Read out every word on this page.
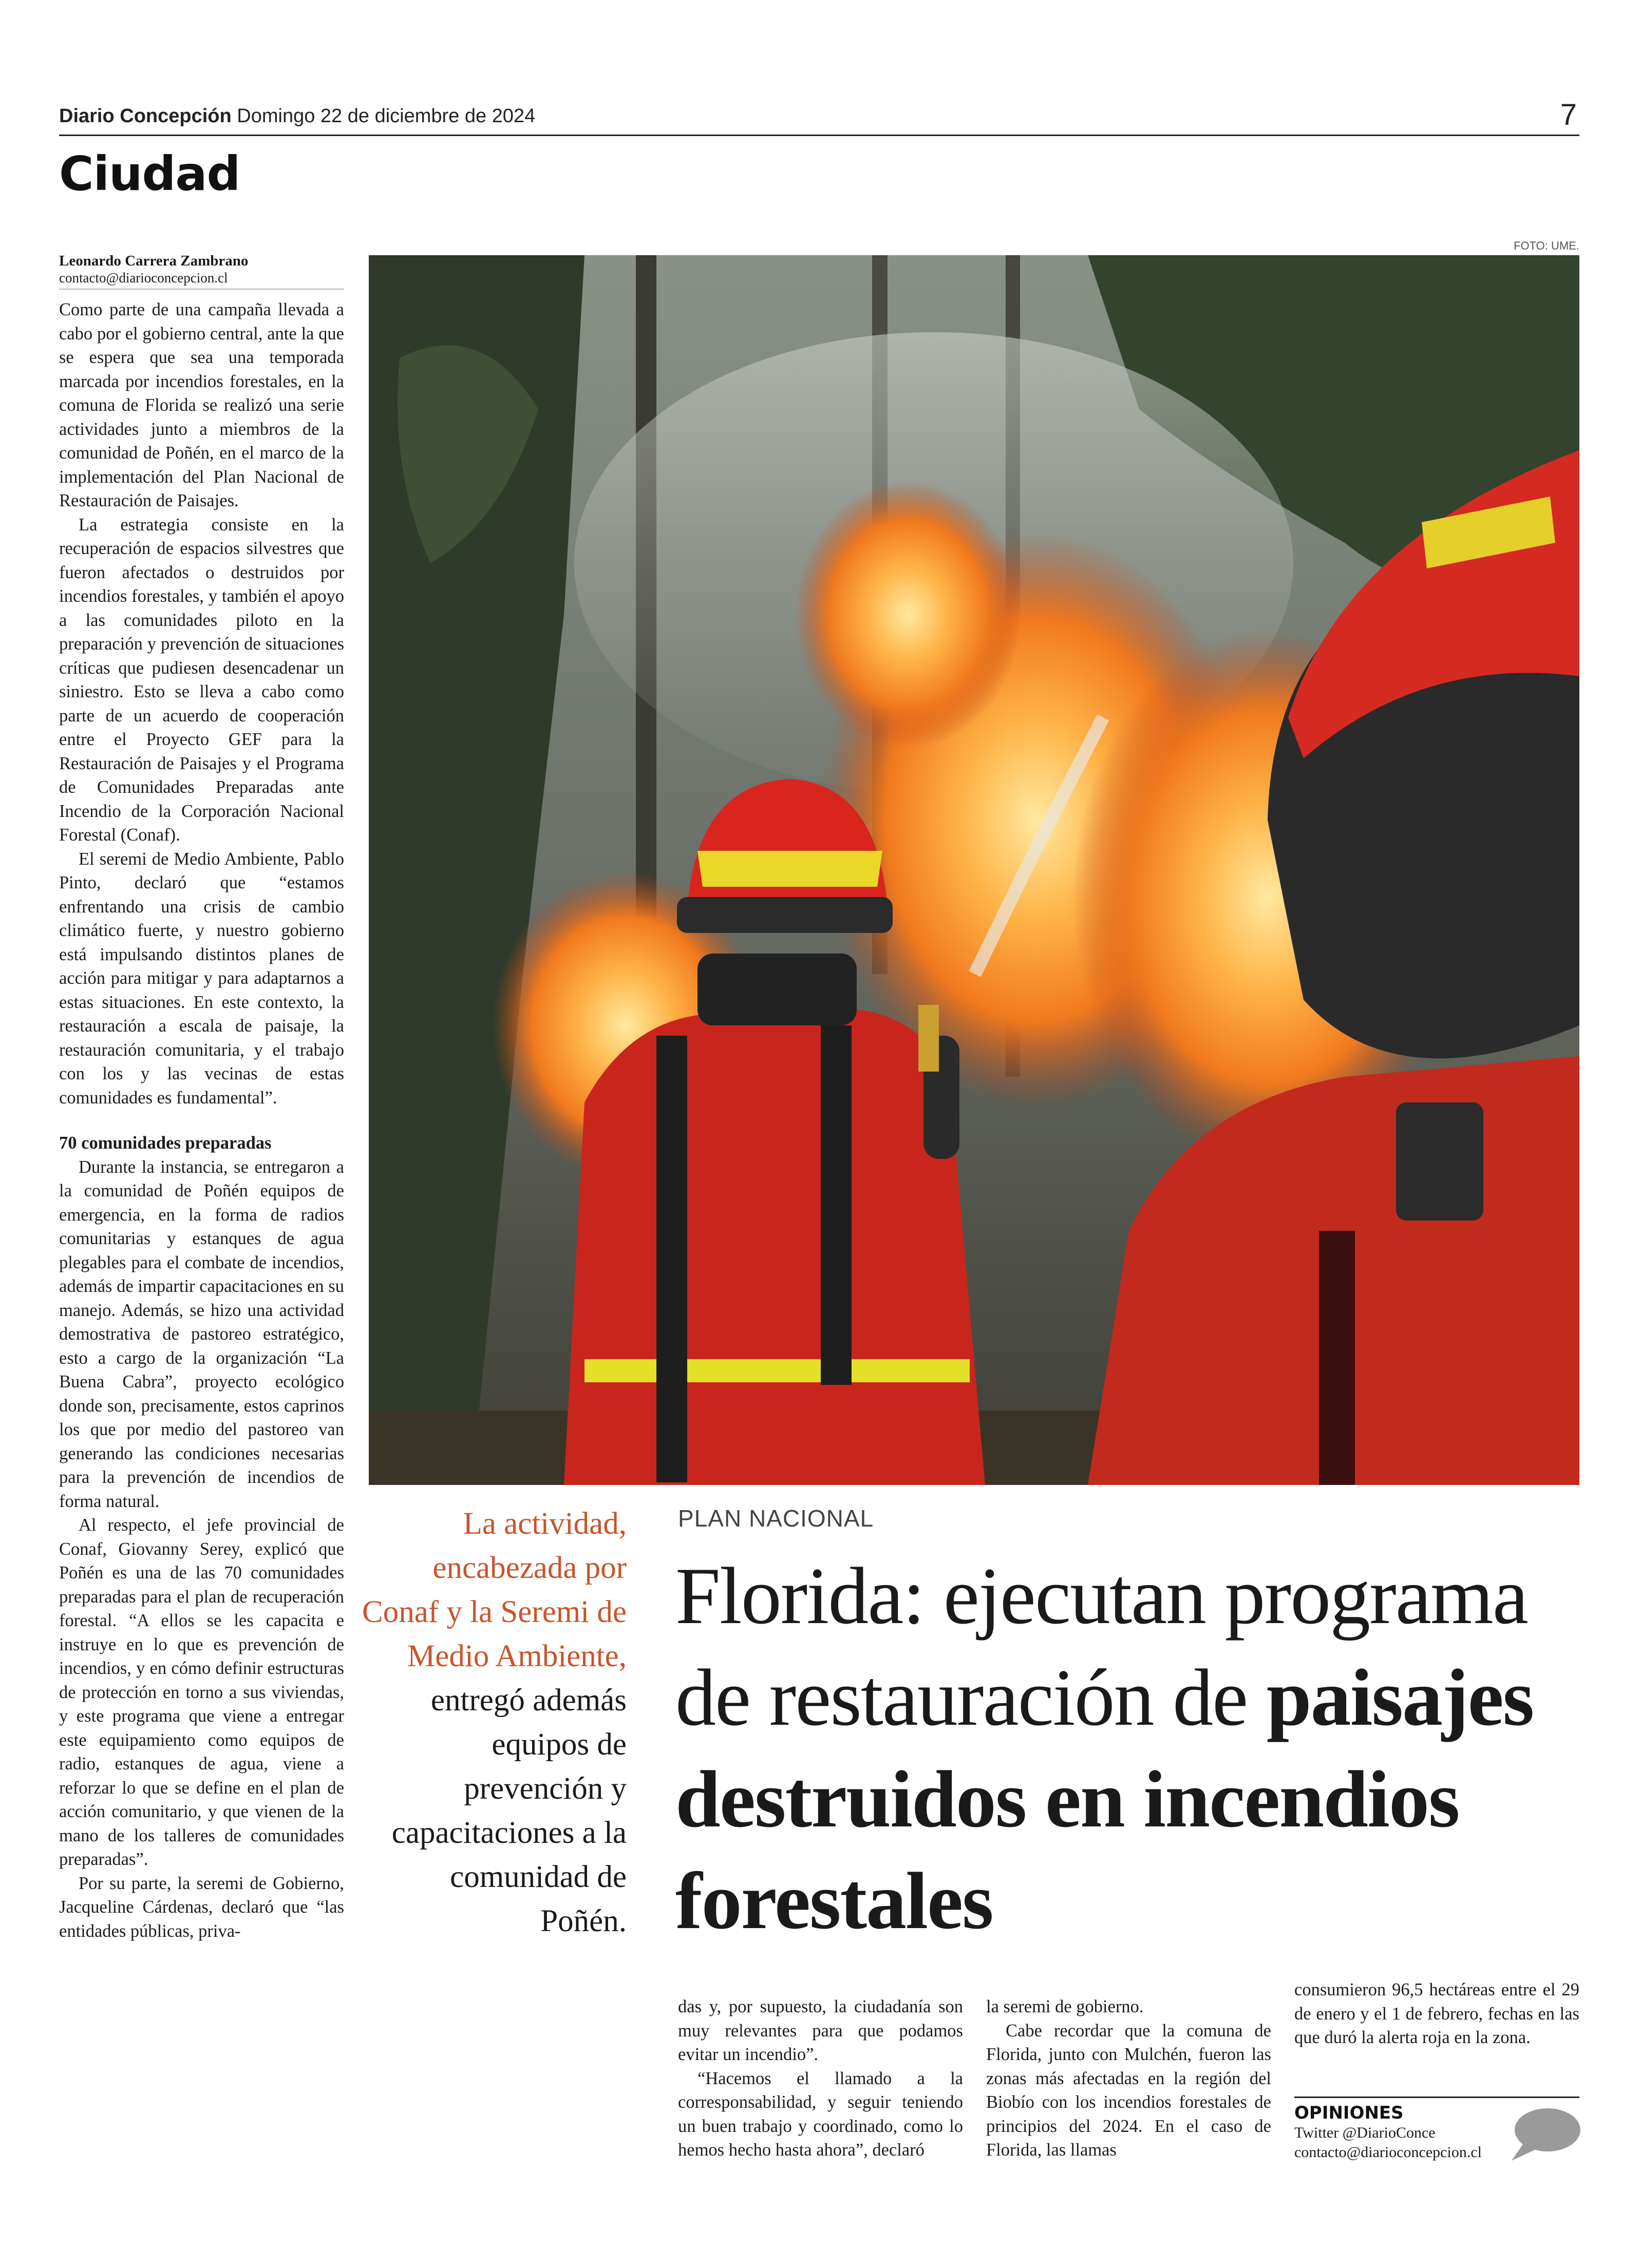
Diario Concepción Domingo 22 de diciembre de 2024	7
Ciudad
Leonardo Carrera Zambrano
contacto@diarioconcepcion.cl

Como parte de una campaña llevada a cabo por el gobierno central, ante la que se espera que sea una temporada marcada por incendios forestales, en la comuna de Florida se realizó una serie actividades junto a miembros de la comunidad de Poñén, en el marco de la implementación del Plan Nacional de Restauración de Paisajes.

La estrategia consiste en la recuperación de espacios silvestres que fueron afectados o destruidos por incendios forestales, y también el apoyo a las comunidades piloto en la preparación y prevención de situaciones críticas que pudiesen desencadenar un siniestro. Esto se lleva a cabo como parte de un acuerdo de cooperación entre el Proyecto GEF para la Restauración de Paisajes y el Programa de Comunidades Preparadas ante Incendio de la Corporación Nacional Forestal (Conaf).

El seremi de Medio Ambiente, Pablo Pinto, declaró que “estamos enfrentando una crisis de cambio climático fuerte, y nuestro gobierno está impulsando distintos planes de acción para mitigar y para adaptarnos a estas situaciones. En este contexto, la restauración a escala de paisaje, la restauración comunitaria, y el trabajo con los y las vecinas de estas comunidades es fundamental”.

70 comunidades preparadas

Durante la instancia, se entregaron a la comunidad de Poñén equipos de emergencia, en la forma de radios comunitarias y estanques de agua plegables para el combate de incendios, además de impartir capacitaciones en su manejo. Además, se hizo una actividad demostrativa de pastoreo estratégico, esto a cargo de la organización “La Buena Cabra”, proyecto ecológico donde son, precisamente, estos caprinos los que por medio del pastoreo van generando las condiciones necesarias para la prevención de incendios de forma natural.

Al respecto, el jefe provincial de Conaf, Giovanny Serey, explicó que Poñén es una de las 70 comunidades preparadas para el plan de recuperación forestal. “A ellos se les capacita e instruye en lo que es prevención de incendios, y en cómo definir estructuras de protección en torno a sus viviendas, y este programa que viene a entregar este equipamiento como equipos de radio, estanques de agua, viene a reforzar lo que se define en el plan de acción comunitario, y que vienen de la mano de los talleres de comunidades preparadas”.

Por su parte, la seremi de Gobierno, Jacqueline Cárdenas, declaró que “las entidades públicas, priva-

FOTO: UME.
La actividad, encabezada por Conaf y la Seremi de Medio Ambiente, entregó además equipos de prevención y capacitaciones a la comunidad de Poñén.
PLAN NACIONAL
Florida: ejecutan programa de restauración de paisajes destruidos en incendios forestales

das y, por supuesto, la ciudadanía son muy relevantes para que podamos evitar un incendio”.

“Hacemos el llamado a la corresponsabilidad, y seguir teniendo un buen trabajo y coordinado, como lo hemos hecho hasta ahora”, declaró

la seremi de gobierno.

Cabe recordar que la comuna de Florida, junto con Mulchén, fueron las zonas más afectadas en la región del Biobío con los incendios forestales de principios del 2024. En el caso de Florida, las llamas

consumieron 96,5 hectáreas entre el 29 de enero y el 1 de febrero, fechas en las que duró la alerta roja en la zona.

OPINIONES
Twitter @DiarioConce
contacto@diarioconcepcion.cl
